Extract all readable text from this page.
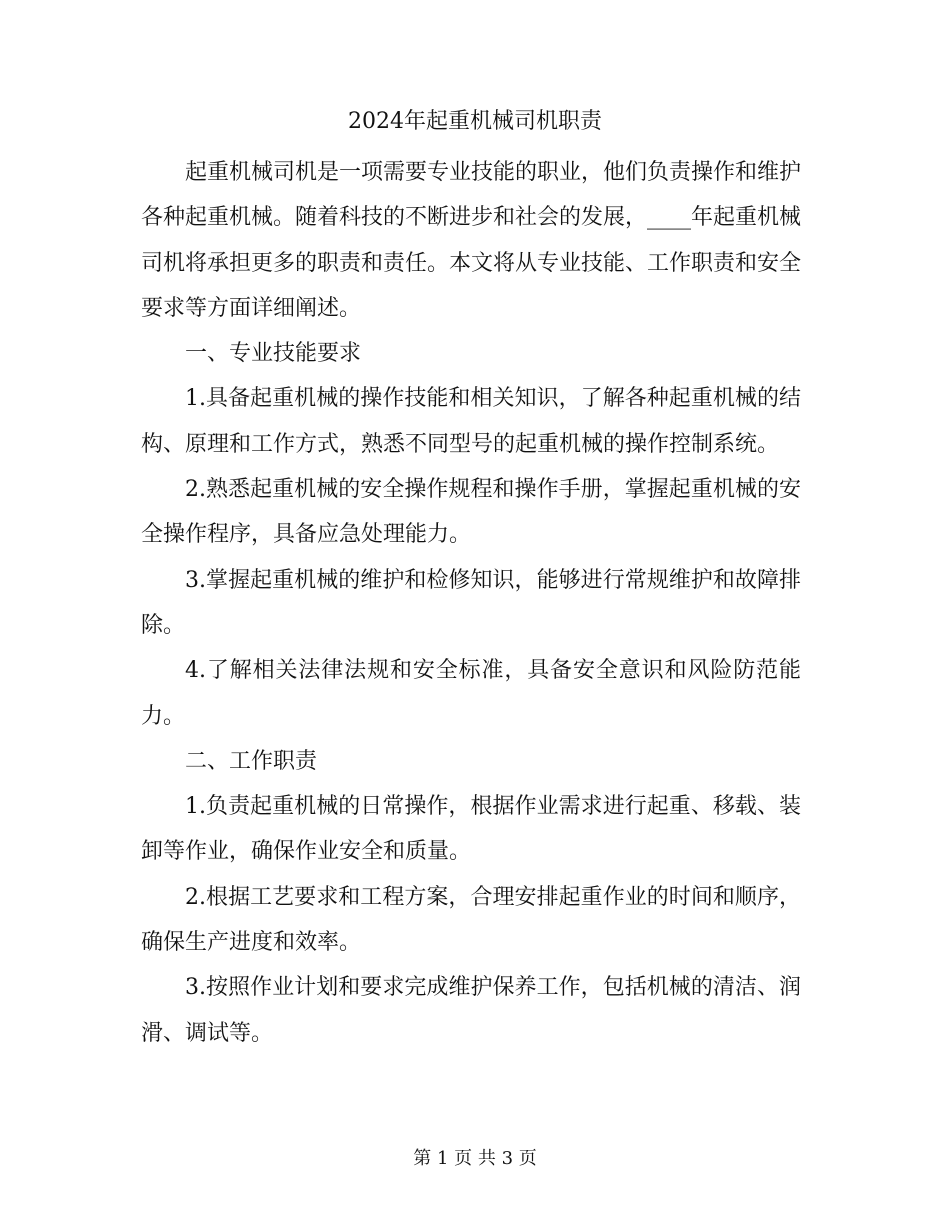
2024年起重机械司机职责

起重机械司机是一项需要专业技能的职业，他们负责操作和维护各种起重机械。随着科技的不断进步和社会的发展，____年起重机械司机将承担更多的职责和责任。本文将从专业技能、工作职责和安全要求等方面详细阐述。

一、专业技能要求

1.具备起重机械的操作技能和相关知识，了解各种起重机械的结构、原理和工作方式，熟悉不同型号的起重机械的操作控制系统。

2.熟悉起重机械的安全操作规程和操作手册，掌握起重机械的安全操作程序，具备应急处理能力。

3.掌握起重机械的维护和检修知识，能够进行常规维护和故障排除。

4.了解相关法律法规和安全标准，具备安全意识和风险防范能力。

二、工作职责

1.负责起重机械的日常操作，根据作业需求进行起重、移载、装卸等作业，确保作业安全和质量。

2.根据工艺要求和工程方案，合理安排起重作业的时间和顺序，确保生产进度和效率。

3.按照作业计划和要求完成维护保养工作，包括机械的清洁、润滑、调试等。

第 1 页 共 3 页
